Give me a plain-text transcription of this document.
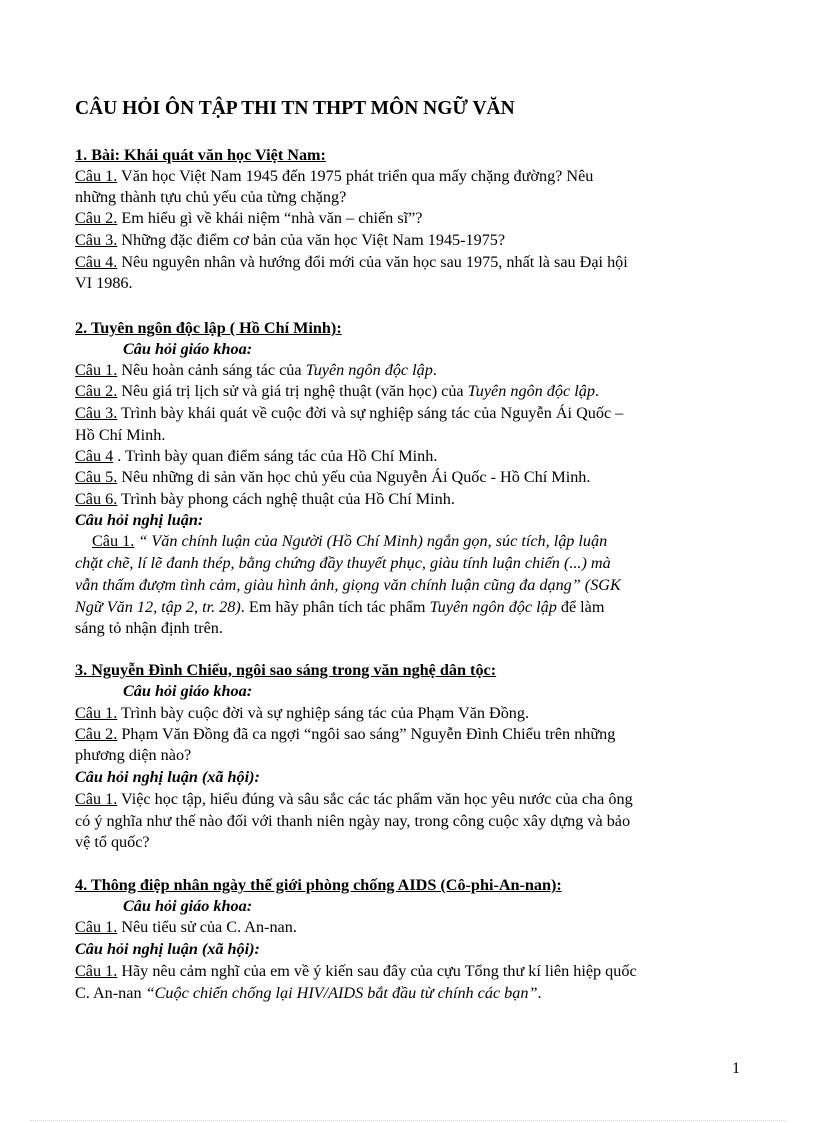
CÂU HỎI ÔN TẬP THI TN THPT MÔN NGỮ VĂN
1. Bài: Khái quát văn học Việt Nam:
Câu 1. Văn học Việt Nam 1945 đến 1975 phát triển qua mấy chặng đường? Nêu
những thành tựu chủ yếu của từng chặng?
Câu 2. Em hiểu gì về khái niệm “nhà văn – chiến sĩ”?
Câu 3. Những đặc điểm cơ bản của văn học Việt Nam 1945-1975?
Câu 4. Nêu nguyên nhân và hướng đổi mới của văn học sau 1975, nhất là sau Đại hội
VI 1986.
2. Tuyên ngôn độc lập ( Hồ Chí Minh):
Câu hỏi giáo khoa:
Câu 1. Nêu hoàn cảnh sáng tác của Tuyên ngôn độc lập.
Câu 2. Nêu giá trị lịch sử và giá trị nghệ thuật (văn học) của Tuyên ngôn độc lập.
Câu 3. Trình bày khái quát về cuộc đời và sự nghiệp sáng tác của Nguyễn Ái Quốc –
Hồ Chí Minh.
Câu 4 . Trình bày quan điểm sáng tác của Hồ Chí Minh.
Câu 5. Nêu những di sản văn học chủ yếu của Nguyễn Ái Quốc - Hồ Chí Minh.
Câu 6. Trình bày phong cách nghệ thuật của Hồ Chí Minh.
Câu hỏi nghị luận:
Câu 1. “ Văn chính luận của Người (Hồ Chí Minh) ngắn gọn, súc tích, lập luận
chặt chẽ, lí lẽ đanh thép, bằng chứng đầy thuyết phục, giàu tính luận chiến (...) mà
vẫn thấm đượm tình cảm, giàu hình ảnh, giọng văn chính luận cũng đa dạng” (SGK
Ngữ Văn 12, tập 2, tr. 28). Em hãy phân tích tác phẩm Tuyên ngôn độc lập để làm
sáng tỏ nhận định trên.
3. Nguyễn Đình Chiểu, ngôi sao sáng trong văn nghệ dân tộc:
Câu hỏi giáo khoa:
Câu 1. Trình bày cuộc đời và sự nghiệp sáng tác của Phạm Văn Đồng.
Câu 2. Phạm Văn Đồng đã ca ngợi “ngôi sao sáng” Nguyễn Đình Chiểu trên những
phương diện nào?
Câu hỏi nghị luận (xã hội):
Câu 1. Việc học tập, hiểu đúng và sâu sắc các tác phẩm văn học yêu nước của cha ông
có ý nghĩa như thế nào đối với thanh niên ngày nay, trong công cuộc xây dựng và bảo
vệ tổ quốc?
4. Thông điệp nhân ngày thế giới phòng chống AIDS (Cô-phi-An-nan):
Câu hỏi giáo khoa:
Câu 1. Nêu tiểu sử của C. An-nan.
Câu hỏi nghị luận (xã hội):
Câu 1. Hãy nêu cảm nghĩ của em về ý kiến sau đây của cựu Tổng thư kí liên hiệp quốc
C. An-nan “Cuộc chiến chống lại HIV/AIDS bắt đầu từ chính các bạn”.
1
